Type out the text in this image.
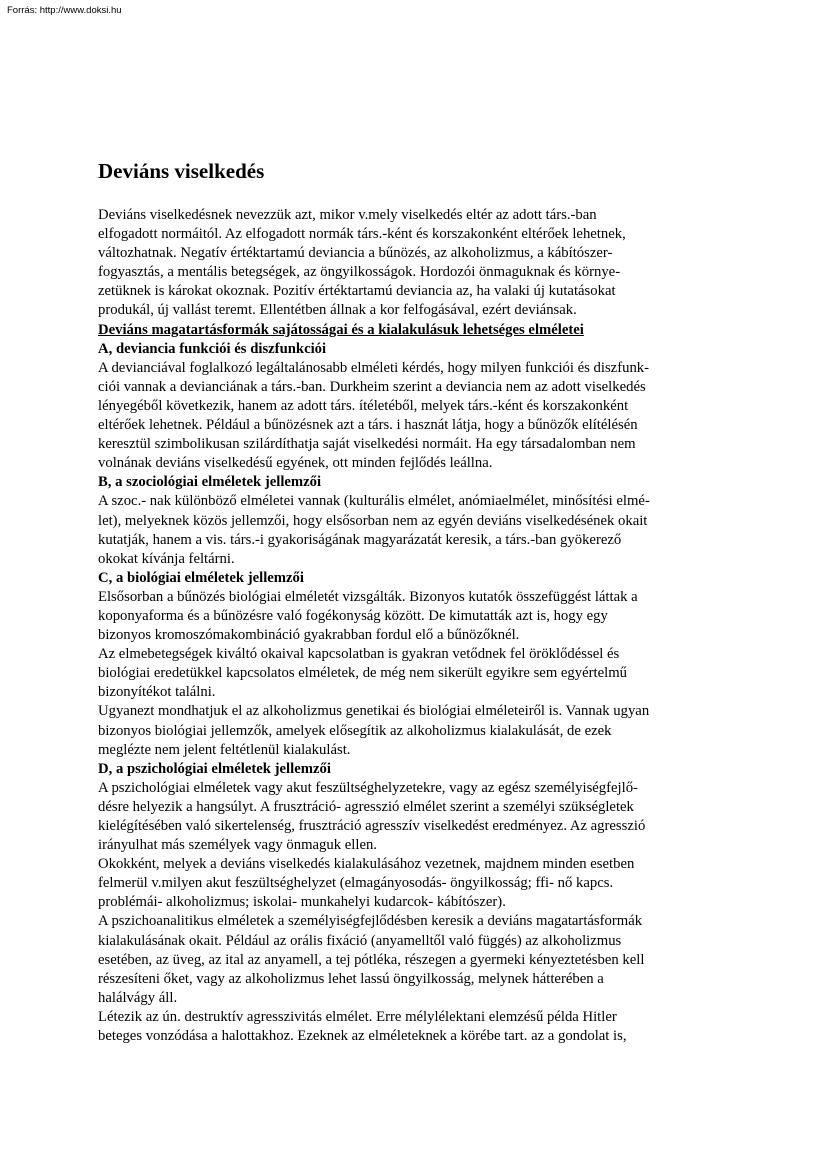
Forrás: http://www.doksi.hu
Deviáns viselkedés
Deviáns viselkedésnek nevezzük azt, mikor v.mely viselkedés eltér az adott társ.-ban
elfogadott normáitól. Az elfogadott normák társ.-ként és korszakonként eltérőek lehetnek,
változhatnak. Negatív értéktartamú deviancia a bűnözés, az alkoholizmus, a kábítószer-
fogyasztás, a mentális betegségek, az öngyilkosságok. Hordozói önmaguknak és környe-
zetüknek is károkat okoznak. Pozitív értéktartamú deviancia az, ha valaki új kutatásokat
produkál, új vallást teremt. Ellentétben állnak a kor felfogásával, ezért deviánsak.
Deviáns magatartásformák sajátosságai és a kialakulásuk lehetséges elméletei
A, deviancia funkciói és diszfunkciói
A devianciával foglalkozó legáltalánosabb elméleti kérdés, hogy milyen funkciói és diszfunk-
ciói vannak a devianciának a társ.-ban. Durkheim szerint a deviancia nem az adott viselkedés
lényegéből következik, hanem az adott társ. ítéletéből, melyek társ.-ként és korszakonként
eltérőek lehetnek. Például a bűnözésnek azt a társ. i hasznát látja, hogy a bűnözők elítélésén
keresztül szimbolikusan szilárdíthatja saját viselkedési normáit. Ha egy társadalomban nem
volnának deviáns viselkedésű egyének, ott minden fejlődés leállna.
B, a szociológiai elméletek jellemzői
A szoc.- nak különböző elméletei vannak (kulturális elmélet, anómiaelmélet, minősítési elmé-
let), melyeknek közös jellemzői, hogy elsősorban nem az egyén deviáns viselkedésének okait
kutatják, hanem a vis. társ.-i gyakoriságának magyarázatát keresik, a társ.-ban gyökerező
okokat kívánja feltárni.
C, a biológiai elméletek jellemzői
Elsősorban a bűnözés biológiai elméletét vizsgálták. Bizonyos kutatók összefüggést láttak a
koponyaforma és a bűnözésre való fogékonyság között. De kimutatták azt is, hogy egy
bizonyos kromoszómakombináció gyakrabban fordul elő a bűnözőknél.
Az elmebetegségek kiváltó okaival kapcsolatban is gyakran vetődnek fel öröklődéssel és
biológiai eredetükkel kapcsolatos elméletek, de még nem sikerült egyikre sem egyértelmű
bizonyítékot találni.
Ugyanezt mondhatjuk el az alkoholizmus genetikai és biológiai elméleteiről is. Vannak ugyan
bizonyos biológiai jellemzők, amelyek elősegítik az alkoholizmus kialakulását, de ezek
meglézte nem jelent feltétlenül kialakulást.
D, a pszichológiai elméletek jellemzői
A pszichológiai elméletek vagy akut feszültséghelyzetekre, vagy az egész személyiségfejlő-
désre helyezik a hangsúlyt. A frusztráció- agresszió elmélet szerint a személyi szükségletek
kielégítésében való sikertelenség, frusztráció agresszív viselkedést eredményez. Az agresszió
irányulhat más személyek vagy önmaguk ellen.
Okokként, melyek a deviáns viselkedés kialakulásához vezetnek, majdnem minden esetben
felmerül v.milyen akut feszültséghelyzet (elmagányosodás- öngyilkosság; ffi- nő kapcs.
problémái- alkoholizmus; iskolai- munkahelyi kudarcok- kábítószer).
A pszichoanalitikus elméletek a személyiségfejlődésben keresik a deviáns magatartásformák
kialakulásának okait. Például az orális fixáció (anyamelltől való függés) az alkoholizmus
esetében, az üveg, az ital az anyamell, a tej pótléka, részegen a gyermeki kényeztetésben kell
részesíteni őket, vagy az alkoholizmus lehet lassú öngyilkosság, melynek hátterében a
halálvágy áll.
Létezik az ún. destruktív agresszivitás elmélet. Erre mélylélektani elemzésű példa Hitler
beteges vonzódása a halottakhoz. Ezeknek az elméleteknek a körébe tart. az a gondolat is,
